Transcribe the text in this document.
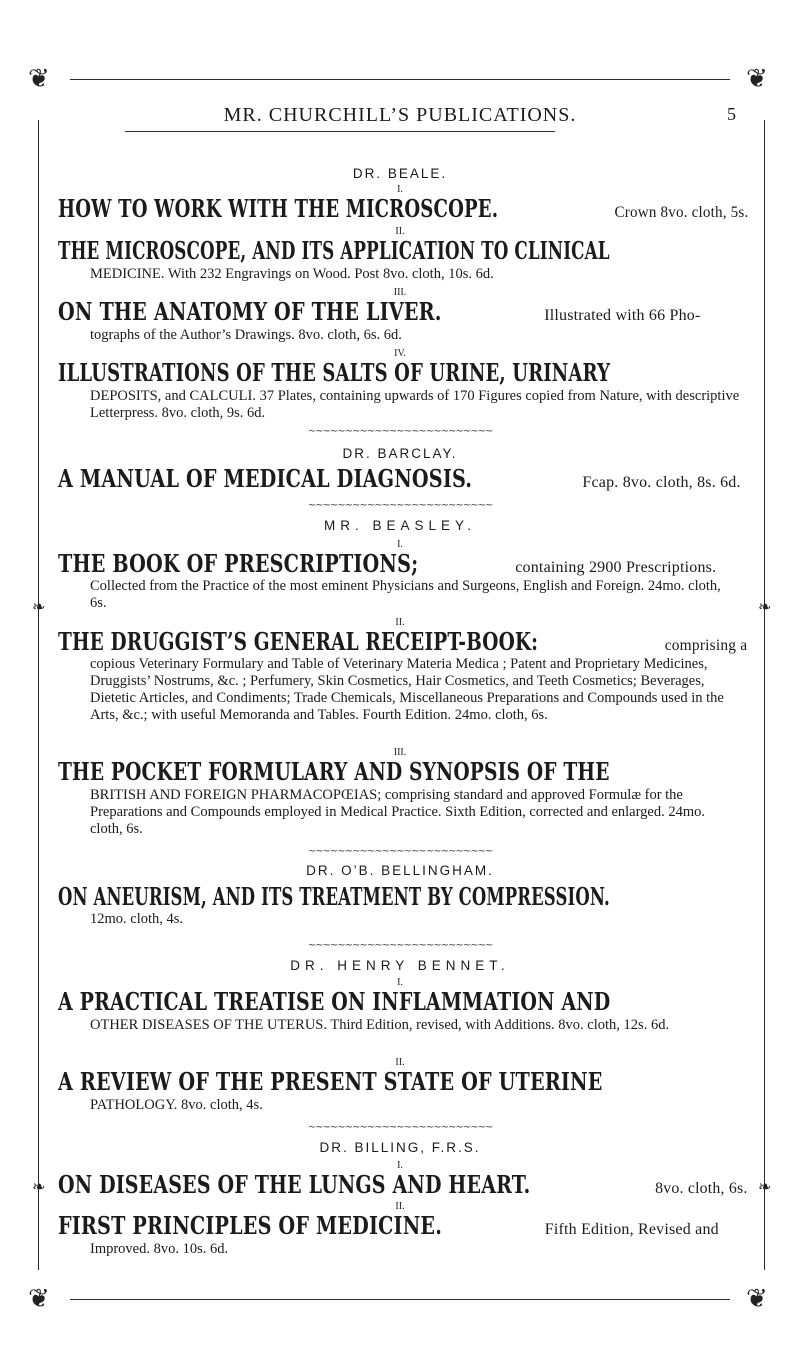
❦	❦
❦	❦
❧	❧
❧	❧
MR. CHURCHILL’S PUBLICATIONS.	5
DR. BEALE.
I.
HOW TO WORK WITH THE MICROSCOPE.	Crown 8vo. cloth, 5s.
II.
THE MICROSCOPE, AND ITS APPLICATION TO CLINICAL
MEDICINE. With 232 Engravings on Wood. Post 8vo. cloth, 10s. 6d.
III.
ON THE ANATOMY OF THE LIVER.	Illustrated with 66 Pho-
tographs of the Author’s Drawings. 8vo. cloth, 6s. 6d.
IV.
ILLUSTRATIONS OF THE SALTS OF URINE, URINARY
DEPOSITS, and CALCULI. 37 Plates, containing upwards of 170 Figures copied from Nature, with descriptive Letterpress. 8vo. cloth, 9s. 6d.
∼∼∼∼∼∼∼∼∼∼∼∼∼∼∼∼∼∼∼∼∼∼∼∼∼
DR. BARCLAY.
A MANUAL OF MEDICAL DIAGNOSIS.	Fcap. 8vo. cloth, 8s. 6d.
∼∼∼∼∼∼∼∼∼∼∼∼∼∼∼∼∼∼∼∼∼∼∼∼∼
MR. BEASLEY.
I.
THE BOOK OF PRESCRIPTIONS;	containing 2900 Prescriptions.
Collected from the Practice of the most eminent Physicians and Surgeons, English and Foreign. 24mo. cloth, 6s.
II.
THE DRUGGIST’S GENERAL RECEIPT-BOOK:	comprising a
copious Veterinary Formulary and Table of Veterinary Materia Medica ; Patent and Proprietary Medicines, Druggists’ Nostrums, &c. ; Perfumery, Skin Cosmetics, Hair Cosmetics, and Teeth Cosmetics; Beverages, Dietetic Articles, and Condiments; Trade Chemicals, Miscellaneous Preparations and Compounds used in the Arts, &c.; with useful Memoranda and Tables. Fourth Edition. 24mo. cloth, 6s.
III.
THE POCKET FORMULARY AND SYNOPSIS OF THE
BRITISH AND FOREIGN PHARMACOPŒIAS; comprising standard and approved Formulæ for the Preparations and Compounds employed in Medical Practice. Sixth Edition, corrected and enlarged. 24mo. cloth, 6s.
∼∼∼∼∼∼∼∼∼∼∼∼∼∼∼∼∼∼∼∼∼∼∼∼∼
DR. O’B. BELLINGHAM.
ON ANEURISM, AND ITS TREATMENT BY COMPRESSION.
12mo. cloth, 4s.
∼∼∼∼∼∼∼∼∼∼∼∼∼∼∼∼∼∼∼∼∼∼∼∼∼
DR. HENRY BENNET.
I.
A PRACTICAL TREATISE ON INFLAMMATION AND
OTHER DISEASES OF THE UTERUS. Third Edition, revised, with Additions. 8vo. cloth, 12s. 6d.
II.
A REVIEW OF THE PRESENT STATE OF UTERINE
PATHOLOGY. 8vo. cloth, 4s.
∼∼∼∼∼∼∼∼∼∼∼∼∼∼∼∼∼∼∼∼∼∼∼∼∼
DR. BILLING, F.R.S.
I.
ON DISEASES OF THE LUNGS AND HEART.	8vo. cloth, 6s.
II.
FIRST PRINCIPLES OF MEDICINE.	Fifth Edition, Revised and
Improved. 8vo. 10s. 6d.
